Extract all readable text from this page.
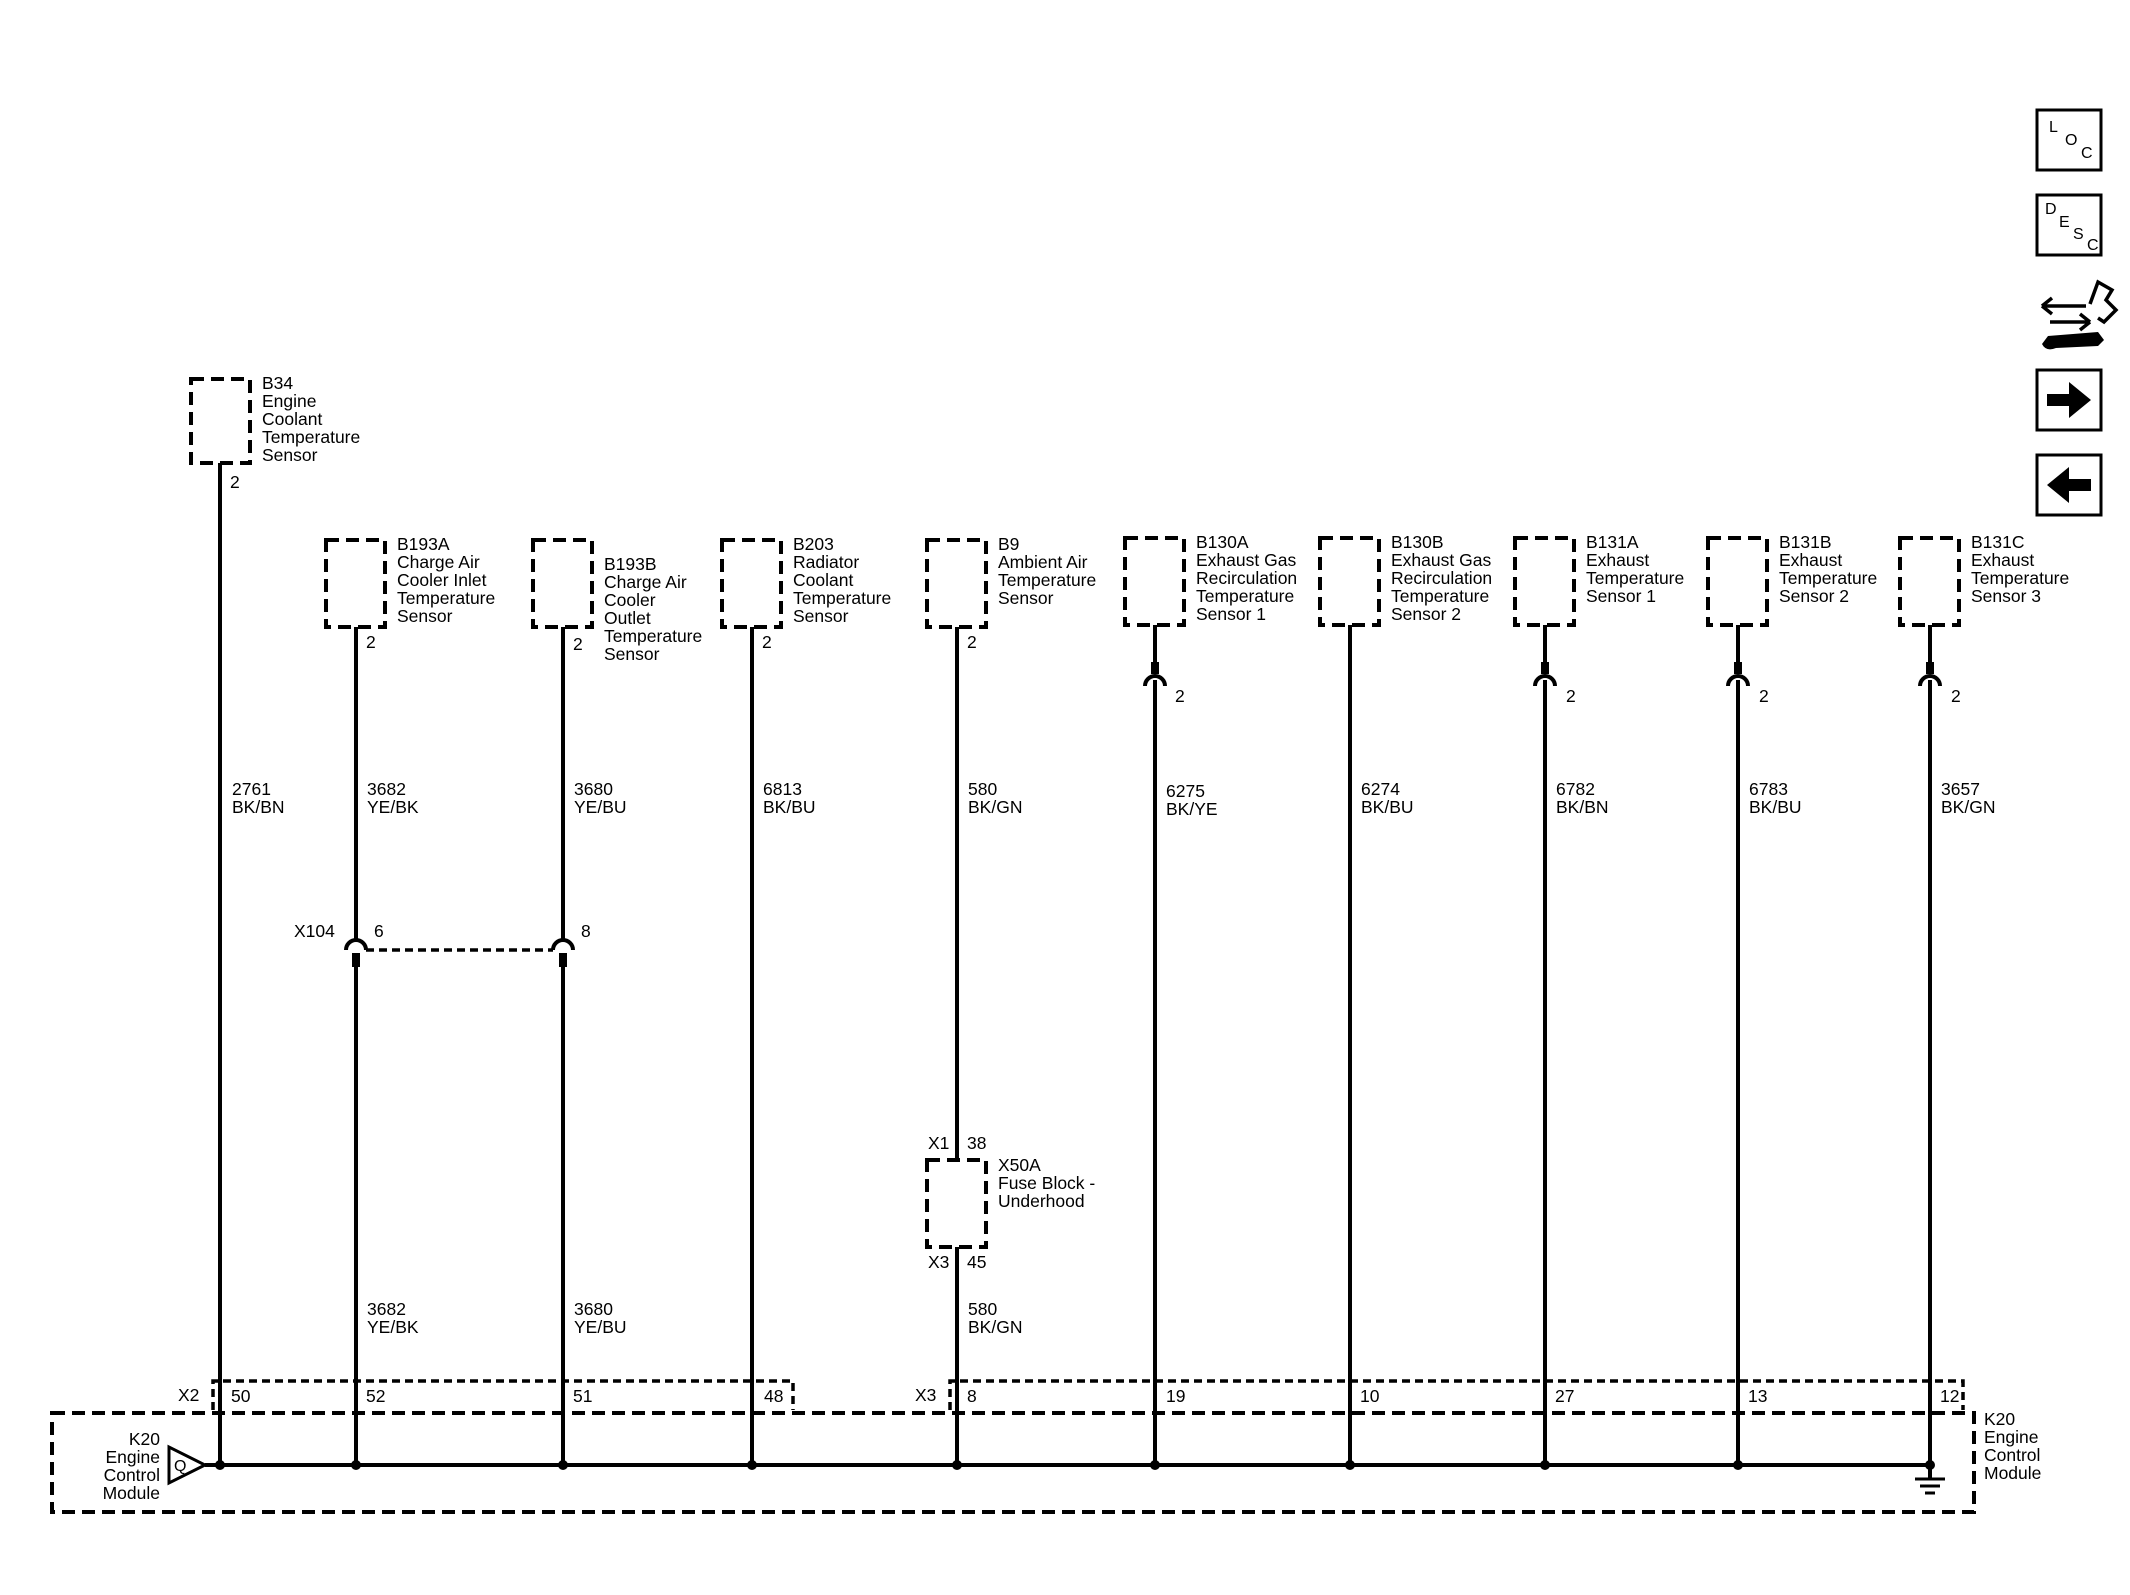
L
O
C
D
E
S
C
B34
Engine
Coolant
Temperature
Sensor
2
B193A
Charge Air
Cooler Inlet
Temperature
Sensor
2
B193B
Charge Air
Cooler
Outlet
Temperature
Sensor
2
B203
Radiator
Coolant
Temperature
Sensor
2
B9
Ambient Air
Temperature
Sensor
2
B130A
Exhaust Gas
Recirculation
Temperature
Sensor 1
2
B130B
Exhaust Gas
Recirculation
Temperature
Sensor 2
B131A
Exhaust
Temperature
Sensor 1
2
B131B
Exhaust
Temperature
Sensor 2
2
B131C
Exhaust
Temperature
Sensor 3
2
2761
BK/BN
3682
YE/BK
3680
YE/BU
6813
BK/BU
580
BK/GN
6275
BK/YE
6274
BK/BU
6782
BK/BN
6783
BK/BU
3657
BK/GN
3682
YE/BK
3680
YE/BU
580
BK/GN
X104 6	8
X1 38
X50A
Fuse Block -
Underhood
X3 45
X2 50	52	51	48	X3 8	19	10	27	13	12
Q
K20
Engine
Control
Module
K20
Engine
Control
Module
